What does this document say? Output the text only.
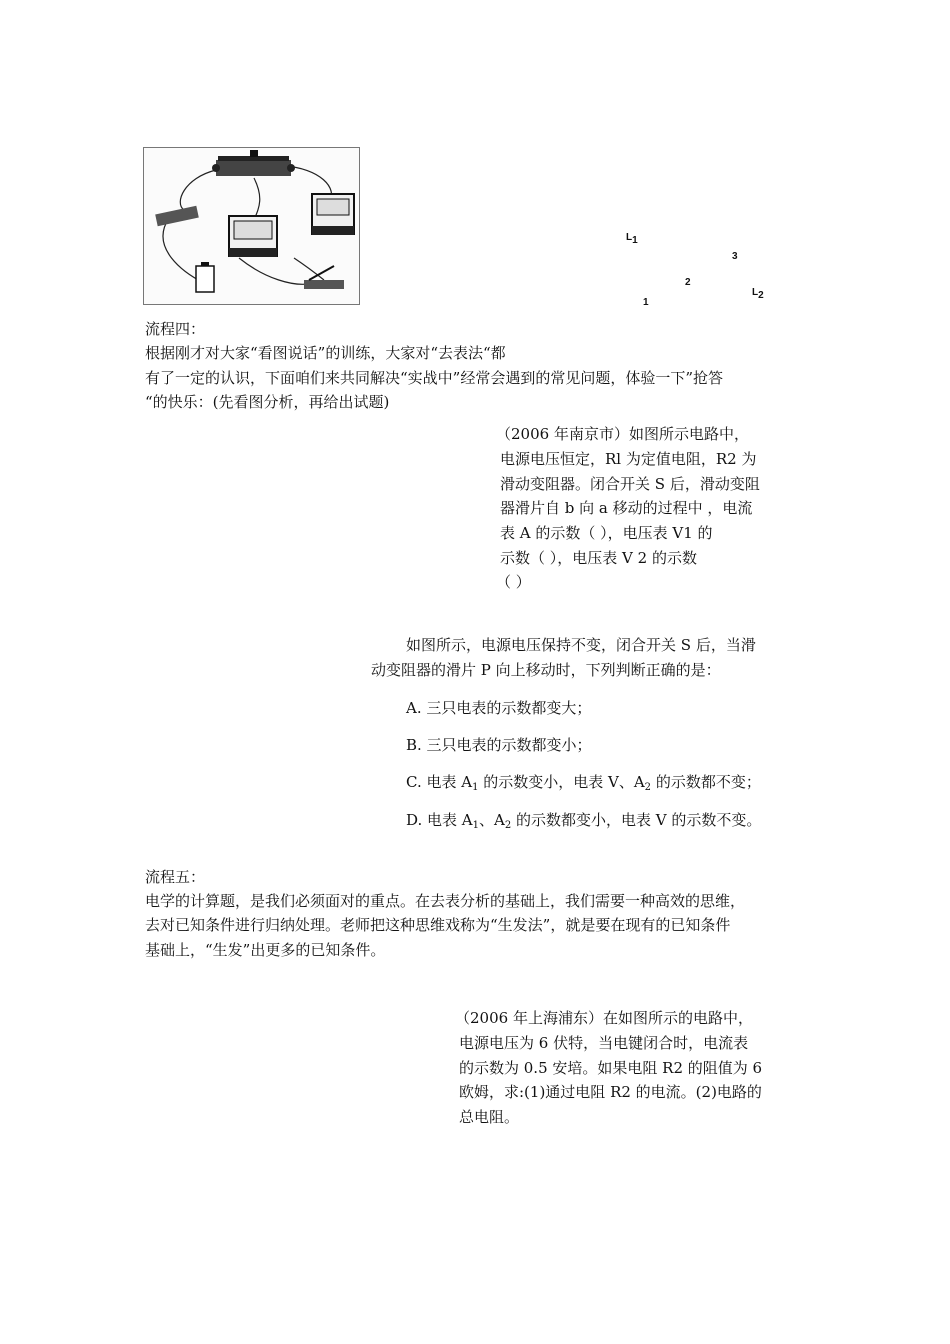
$L_1$
3
2
$L_2$
1
流程四：
根据刚才对大家“看图说话”的训练，大家对“去表法“都
有了一定的认识，下面咱们来共同解决“实战中”经常会遇到的常见问题，体验一下”抢答
“的快乐：(先看图分析，再给出试题)
（2006 年南京市）如图所示电路中，
电源电压恒定，Rl 为定值电阻，R2 为
滑动变阻器。闭合开关 S 后，滑动变阻
器滑片自 b 向 a 移动的过程中 ，电流
表 A 的示数（ ），电压表 V1 的
示数（ ），电压表 V 2 的示数
（ ）
如图所示，电源电压保持不变，闭合开关 S 后，当滑
动变阻器的滑片 P 向上移动时，下列判断正确的是：
A. 三只电表的示数都变大；
B. 三只电表的示数都变小；
C. 电表 $A_1$ 的示数变小，电表 V、$A_2$ 的示数都不变；
D. 电表 $A_1$、$A_2$ 的示数都变小，电表 V 的示数不变。
流程五：
电学的计算题，是我们必须面对的重点。在去表分析的基础上，我们需要一种高效的思维，
去对已知条件进行归纳处理。老师把这种思维戏称为“生发法”，就是要在现有的已知条件
基础上，“生发”出更多的已知条件。
（2006 年上海浦东）在如图所示的电路中，
电源电压为 6 伏特，当电键闭合时，电流表
的示数为 0.5 安培。如果电阻 R2 的阻值为 6
欧姆，求:(1)通过电阻 R2 的电流。(2)电路的
总电阻。
